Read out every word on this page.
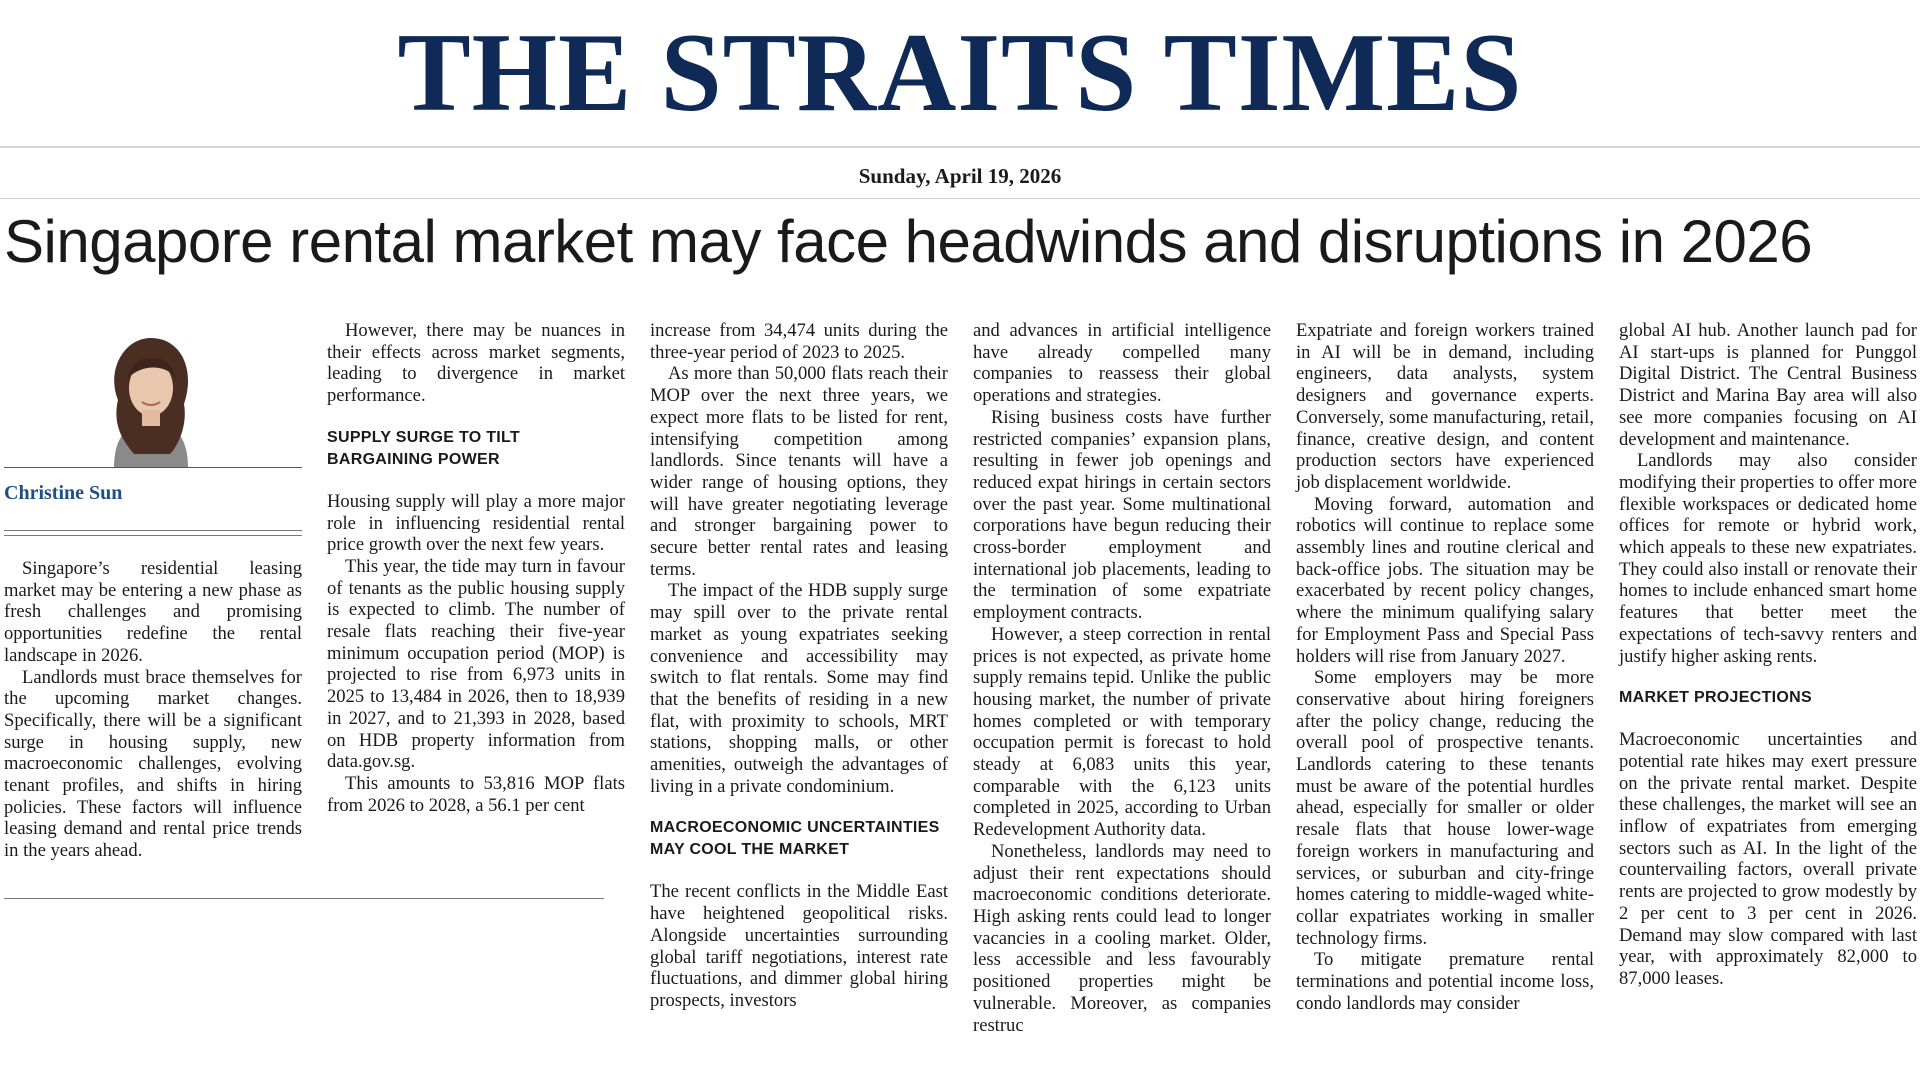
THE STRAITS TIMES
Sunday, April 19, 2026
Singapore rental market may face headwinds and disruptions in 2026
Christine Sun

Singapore’s residential leasing market may be entering a new phase as fresh challenges and promising opportunities redefine the rental landscape in 2026.

Landlords must brace themselves for the upcoming market changes. Specifically, there will be a significant surge in housing supply, new macroeconomic challenges, evolving tenant profiles, and shifts in hiring policies. These factors will influence leasing demand and rental price trends in the years ahead.

However, there may be nuances in their effects across market segments, leading to divergence in market performance.

SUPPLY SURGE TO TILT BARGAINING POWER

Housing supply will play a more major role in influencing residential rental price growth over the next few years.

This year, the tide may turn in favour of tenants as the public housing supply is expected to climb. The number of resale flats reaching their five-year minimum occupation period (MOP) is projected to rise from 6,973 units in 2025 to 13,484 in 2026, then to 18,939 in 2027, and to 21,393 in 2028, based on HDB property information from data.gov.sg.

This amounts to 53,816 MOP flats from 2026 to 2028, a 56.1 per cent

increase from 34,474 units during the three-year period of 2023 to 2025.

As more than 50,000 flats reach their MOP over the next three years, we expect more flats to be listed for rent, intensifying competition among landlords. Since tenants will have a wider range of housing options, they will have greater negotiating leverage and stronger bargaining power to secure better rental rates and leasing terms.

The impact of the HDB supply surge may spill over to the private rental market as young expatriates seeking convenience and accessibility may switch to flat rentals. Some may find that the benefits of residing in a new flat, with proximity to schools, MRT stations, shopping malls, or other amenities, outweigh the advantages of living in a private condominium.

MACROECONOMIC UNCERTAINTIES MAY COOL THE MARKET

The recent conflicts in the Middle East have heightened geopolitical risks. Alongside uncertainties surrounding global tariff negotiations, interest rate fluctuations, and dimmer global hiring prospects, investors

and advances in artificial intelligence have already compelled many companies to reassess their global operations and strategies.

Rising business costs have further restricted companies’ expansion plans, resulting in fewer job openings and reduced expat hirings in certain sectors over the past year. Some multinational corporations have begun reducing their cross-border employment and international job placements, leading to the termination of some expatriate employment contracts.

However, a steep correction in rental prices is not expected, as private home supply remains tepid. Unlike the public housing market, the number of private homes completed or with temporary occupation permit is forecast to hold steady at 6,083 units this year, comparable with the 6,123 units completed in 2025, according to Urban Redevelopment Authority data.

Nonetheless, landlords may need to adjust their rent expectations should macroeconomic conditions deteriorate. High asking rents could lead to longer vacancies in a cooling market. Older, less accessible and less favourably positioned properties might be vulnerable. Moreover, as companies restruc

Expatriate and foreign workers trained in AI will be in demand, including engineers, data analysts, system designers and governance experts. Conversely, some manufacturing, retail, finance, creative design, and content production sectors have experienced job displacement worldwide.

Moving forward, automation and robotics will continue to replace some assembly lines and routine clerical and back-office jobs. The situation may be exacerbated by recent policy changes, where the minimum qualifying salary for Employment Pass and Special Pass holders will rise from January 2027.

Some employers may be more conservative about hiring foreigners after the policy change, reducing the overall pool of prospective tenants. Landlords catering to these tenants must be aware of the potential hurdles ahead, especially for smaller or older resale flats that house lower-wage foreign workers in manufacturing and services, or suburban and city-fringe homes catering to middle-waged white-collar expatriates working in smaller technology firms.

To mitigate premature rental terminations and potential income loss, condo landlords may consider

global AI hub. Another launch pad for AI start-ups is planned for Punggol Digital District. The Central Business District and Marina Bay area will also see more companies focusing on AI development and maintenance.

Landlords may also consider modifying their properties to offer more flexible workspaces or dedicated home offices for remote or hybrid work, which appeals to these new expatriates. They could also install or renovate their homes to include enhanced smart home features that better meet the expectations of tech-savvy renters and justify higher asking rents.

MARKET PROJECTIONS

Macroeconomic uncertainties and potential rate hikes may exert pressure on the private rental market. Despite these challenges, the market will see an inflow of expatriates from emerging sectors such as AI. In the light of the countervailing factors, overall private rents are projected to grow modestly by 2 per cent to 3 per cent in 2026. Demand may slow compared with last year, with approximately 82,000 to 87,000 leases.
